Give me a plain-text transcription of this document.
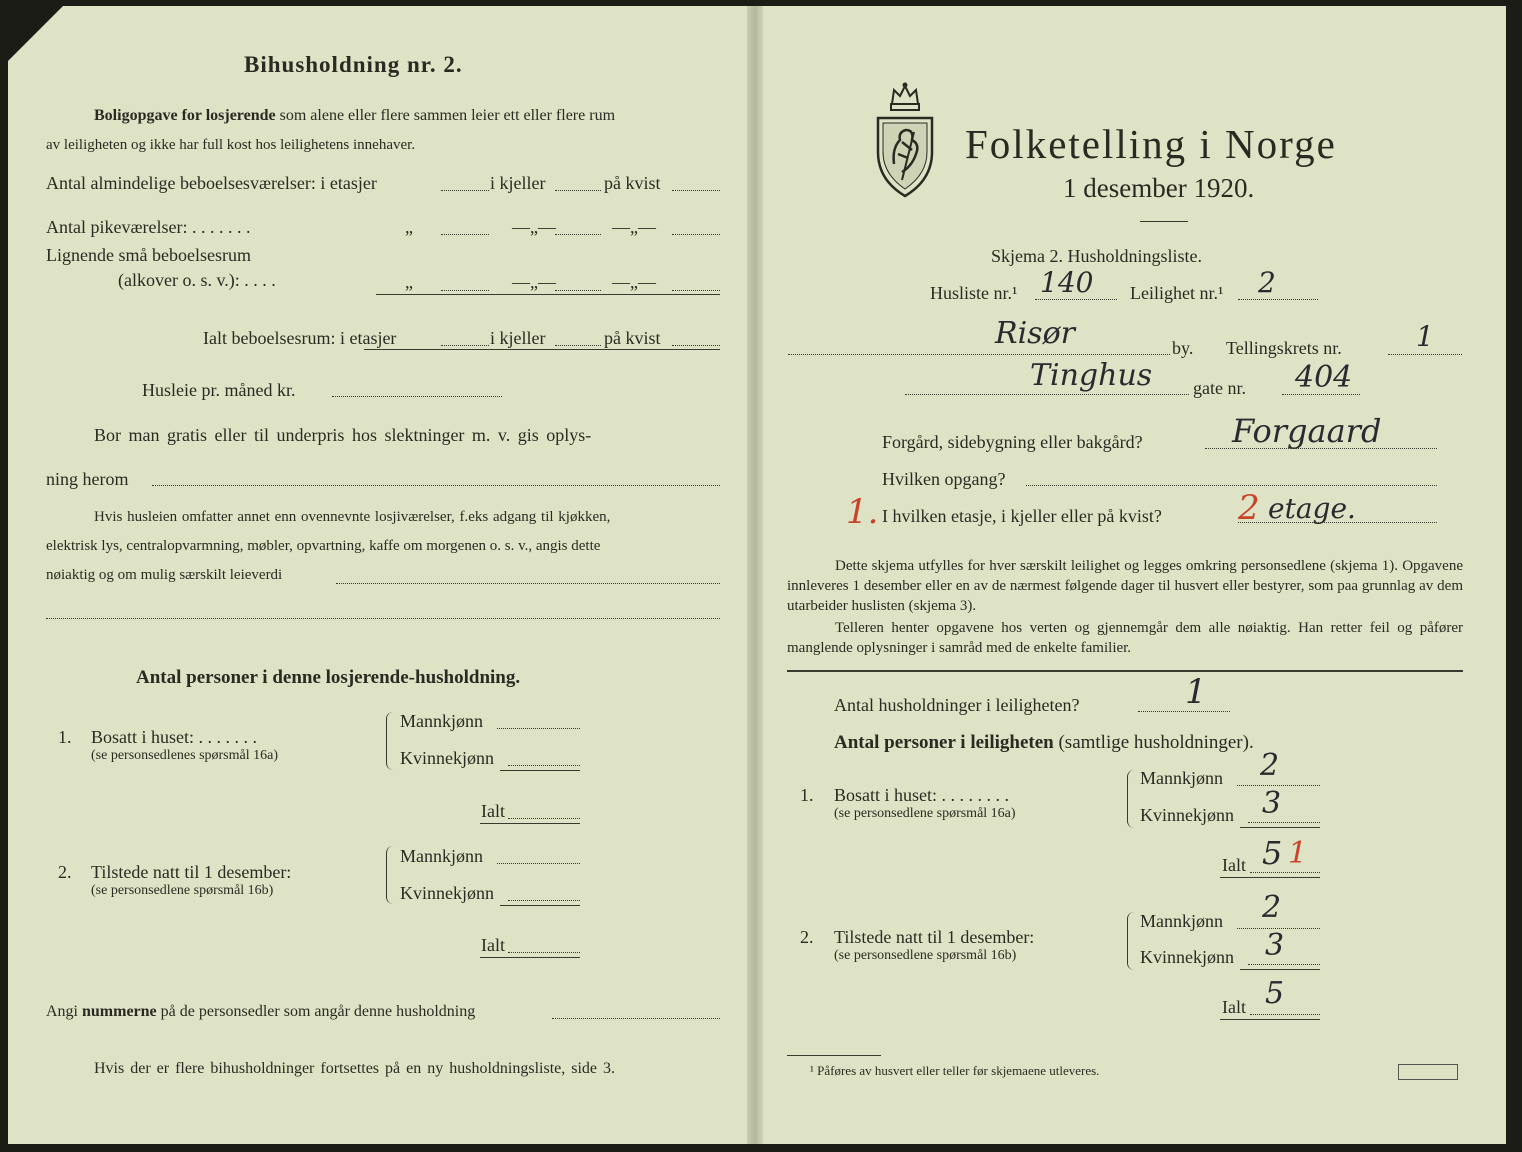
Bihusholdning nr. 2.
Boligopgave for losjerende som alene eller flere sammen leier ett eller flere rum
av leiligheten og ikke har full kost hos leilighetens innehaver.
Antal almindelige beboelsesværelser: i etasjer	i kjeller	på kvist
Antal pikeværelser: . . . . . . .	„	—„—	—„—
Lignende små beboelsesrum
(alkover o. s. v.): . . . .	„	—„—	—„—
Ialt beboelsesrum: i etasjer	i kjeller	på kvist
Husleie pr. måned kr.
Bor man gratis eller til underpris hos slektninger m. v. gis oplys-
ning herom
Hvis husleien omfatter annet enn ovennevnte losjiværelser, f.eks adgang til kjøkken,
elektrisk lys, centralopvarmning, møbler, opvartning, kaffe om morgenen o. s. v., angis dette
nøiaktig og om mulig særskilt leieverdi
Antal personer i denne losjerende-husholdning.
1. Bosatt i huset: . . . . . . .
(se personsedlenes spørsmål 16a)
Mannkjønn
Kvinnekjønn
Ialt
2. Tilstede natt til 1 desember:
(se personsedlene spørsmål 16b)
Mannkjønn
Kvinnekjønn
Ialt
Angi nummerne på de personsedler som angår denne husholdning
Hvis der er flere bihusholdninger fortsettes på en ny husholdningsliste, side 3.
Folketelling i Norge
1 desember 1920.
Skjema 2. Husholdningsliste.
Husliste nr.¹ 140 Leilighet nr.¹ 2
Risør	by. Tellingskrets nr.	1
Tinghus gate nr. 404
Forgård, sidebygning eller bakgård?	Forgaard
Hvilken opgang?
1. I hvilken etasje, i kjeller eller på kvist? 2 etage.
Dette skjema utfylles for hver særskilt leilighet og legges omkring personsedlene (skjema 1). Opgavene innleveres 1 desember eller en av de nærmest følgende dager til husvert eller bestyrer, som paa grunnlag av dem utarbeider huslisten (skjema 3).
Telleren henter opgavene hos verten og gjennemgår dem alle nøiaktig. Han retter feil og påfører manglende oplysninger i samråd med de enkelte familier.
Antal husholdninger i leiligheten?	1
Antal personer i leiligheten (samtlige husholdninger).
1. Bosatt i huset: . . . . . . . .
(se personsedlene spørsmål 16a)
Mannkjønn 2
Kvinnekjønn 3
Ialt 5 1
2. Tilstede natt til 1 desember:
(se personsedlene spørsmål 16b)
Mannkjønn 2
Kvinnekjønn 3
Ialt 5
¹ Påføres av husvert eller teller før skjemaene utleveres.
